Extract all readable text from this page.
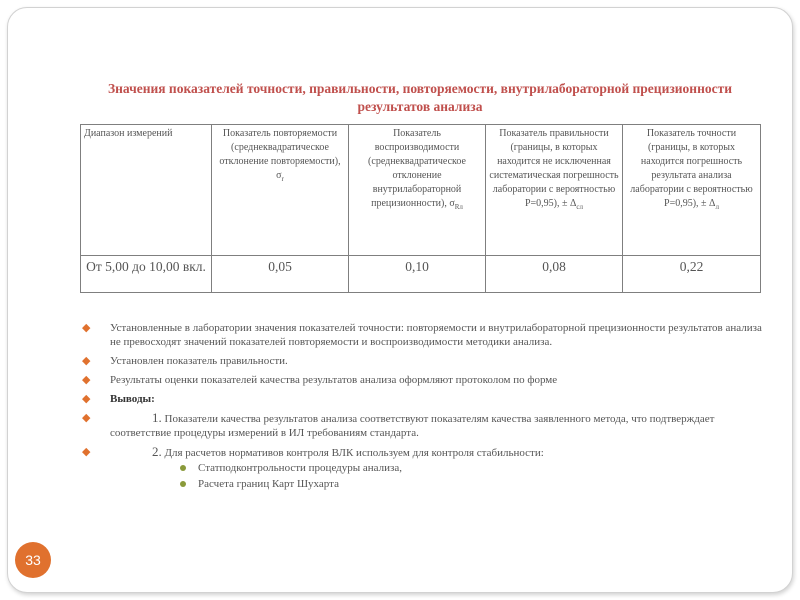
Значения показателей точности, правильности, повторяемости, внутрилабораторной прецизионности результатов анализа
Диапазон измерений	Показатель повторяемости (среднеквадратическое отклонение повторяемости), $\sigma_r$	Показатель воспроизводимости (среднеквадратическое отклонение внутрилабораторной прецизионности), $\sigma_{Rл}$	Показатель правильности (границы, в которых находится не исключенная систематическая погрешность лаборатории с вероятностью Р=0,95), ± $\Delta_{сл}$	Показатель точности (границы, в которых находится погрешность результата анализа лаборатории с вероятностью Р=0,95), ± $\Delta_л$
От 5,00 до 10,00 вкл.	0,05	0,10	0,08	0,22
◆ Установленные в лаборатории значения показателей точности: повторяемости и внутрилабораторной прецизионности результатов анализа не превосходят значений показателей повторяемости и воспроизводимости методики анализа.
◆ Установлен показатель правильности.
◆ Результаты оценки показателей качества результатов анализа оформляют протоколом по форме
◆ Выводы:
◆	1. Показатели качества результатов анализа соответствуют показателям качества заявленного метода, что подтверждает соответствие процедуры измерений в ИЛ требованиям стандарта.
◆	2. Для расчетов нормативов контроля ВЛК используем для контроля стабильности:
Статподконтрольности процедуры анализа,
Расчета границ Карт Шухарта
33
